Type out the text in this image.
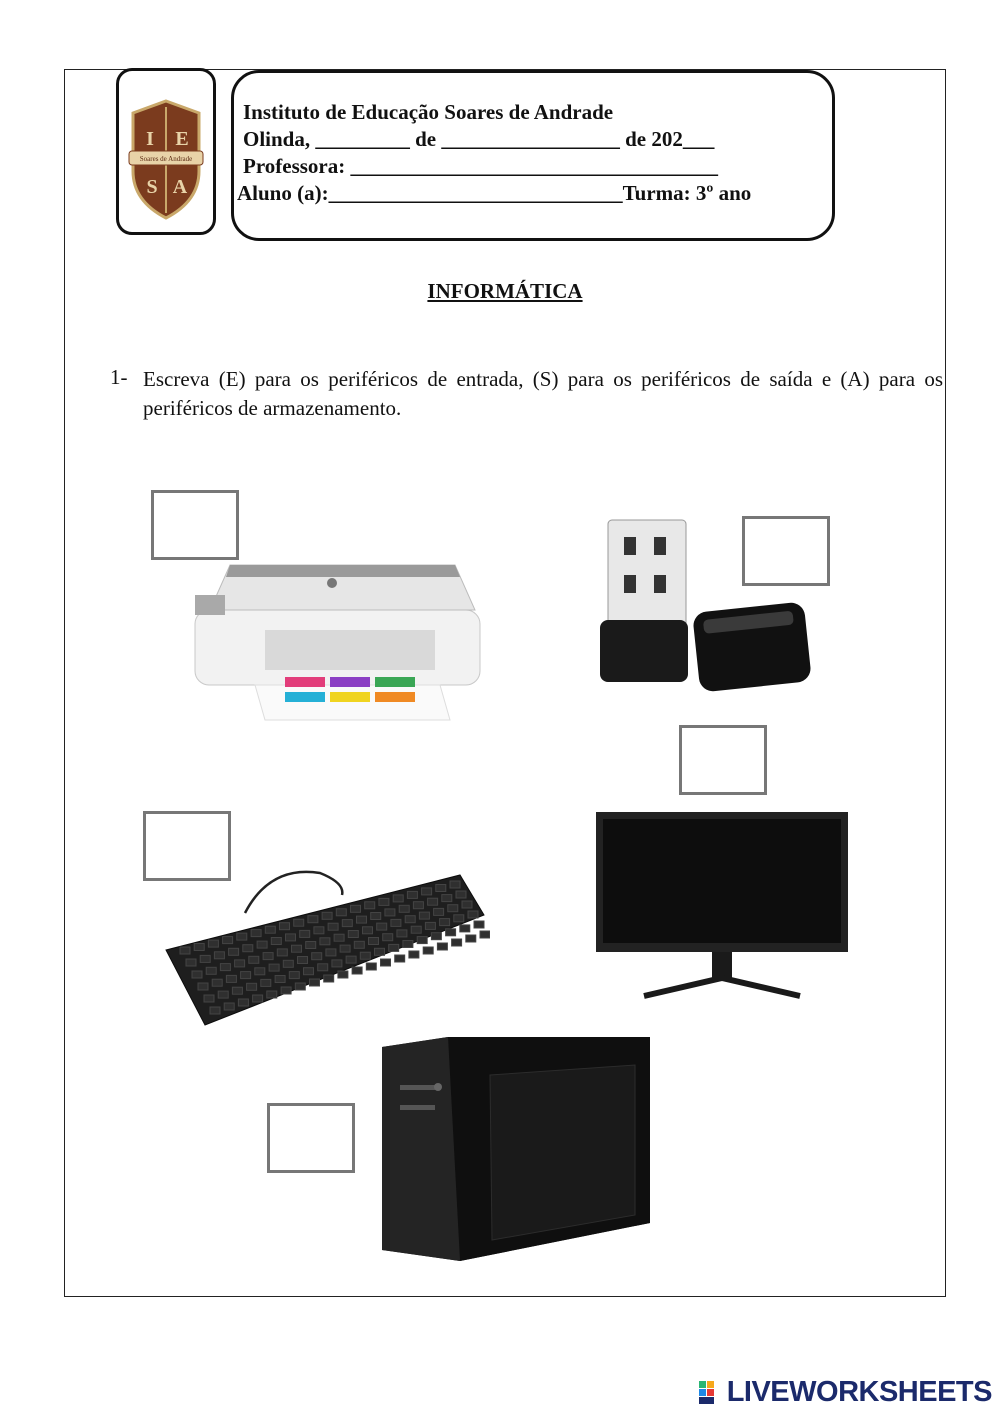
Soares de Andrade
I E
S A
Instituto de Educação Soares de Andrade
Olinda, _________ de _________________ de 202___
Professora: ___________________________________
Aluno (a):____________________________Turma: 3º ano
INFORMÁTICA
1- Escreva (E) para os periféricos de entrada, (S) para os periféricos de saída e (A) para os periféricos de armazenamento.
LIVEWORKSHEETS
